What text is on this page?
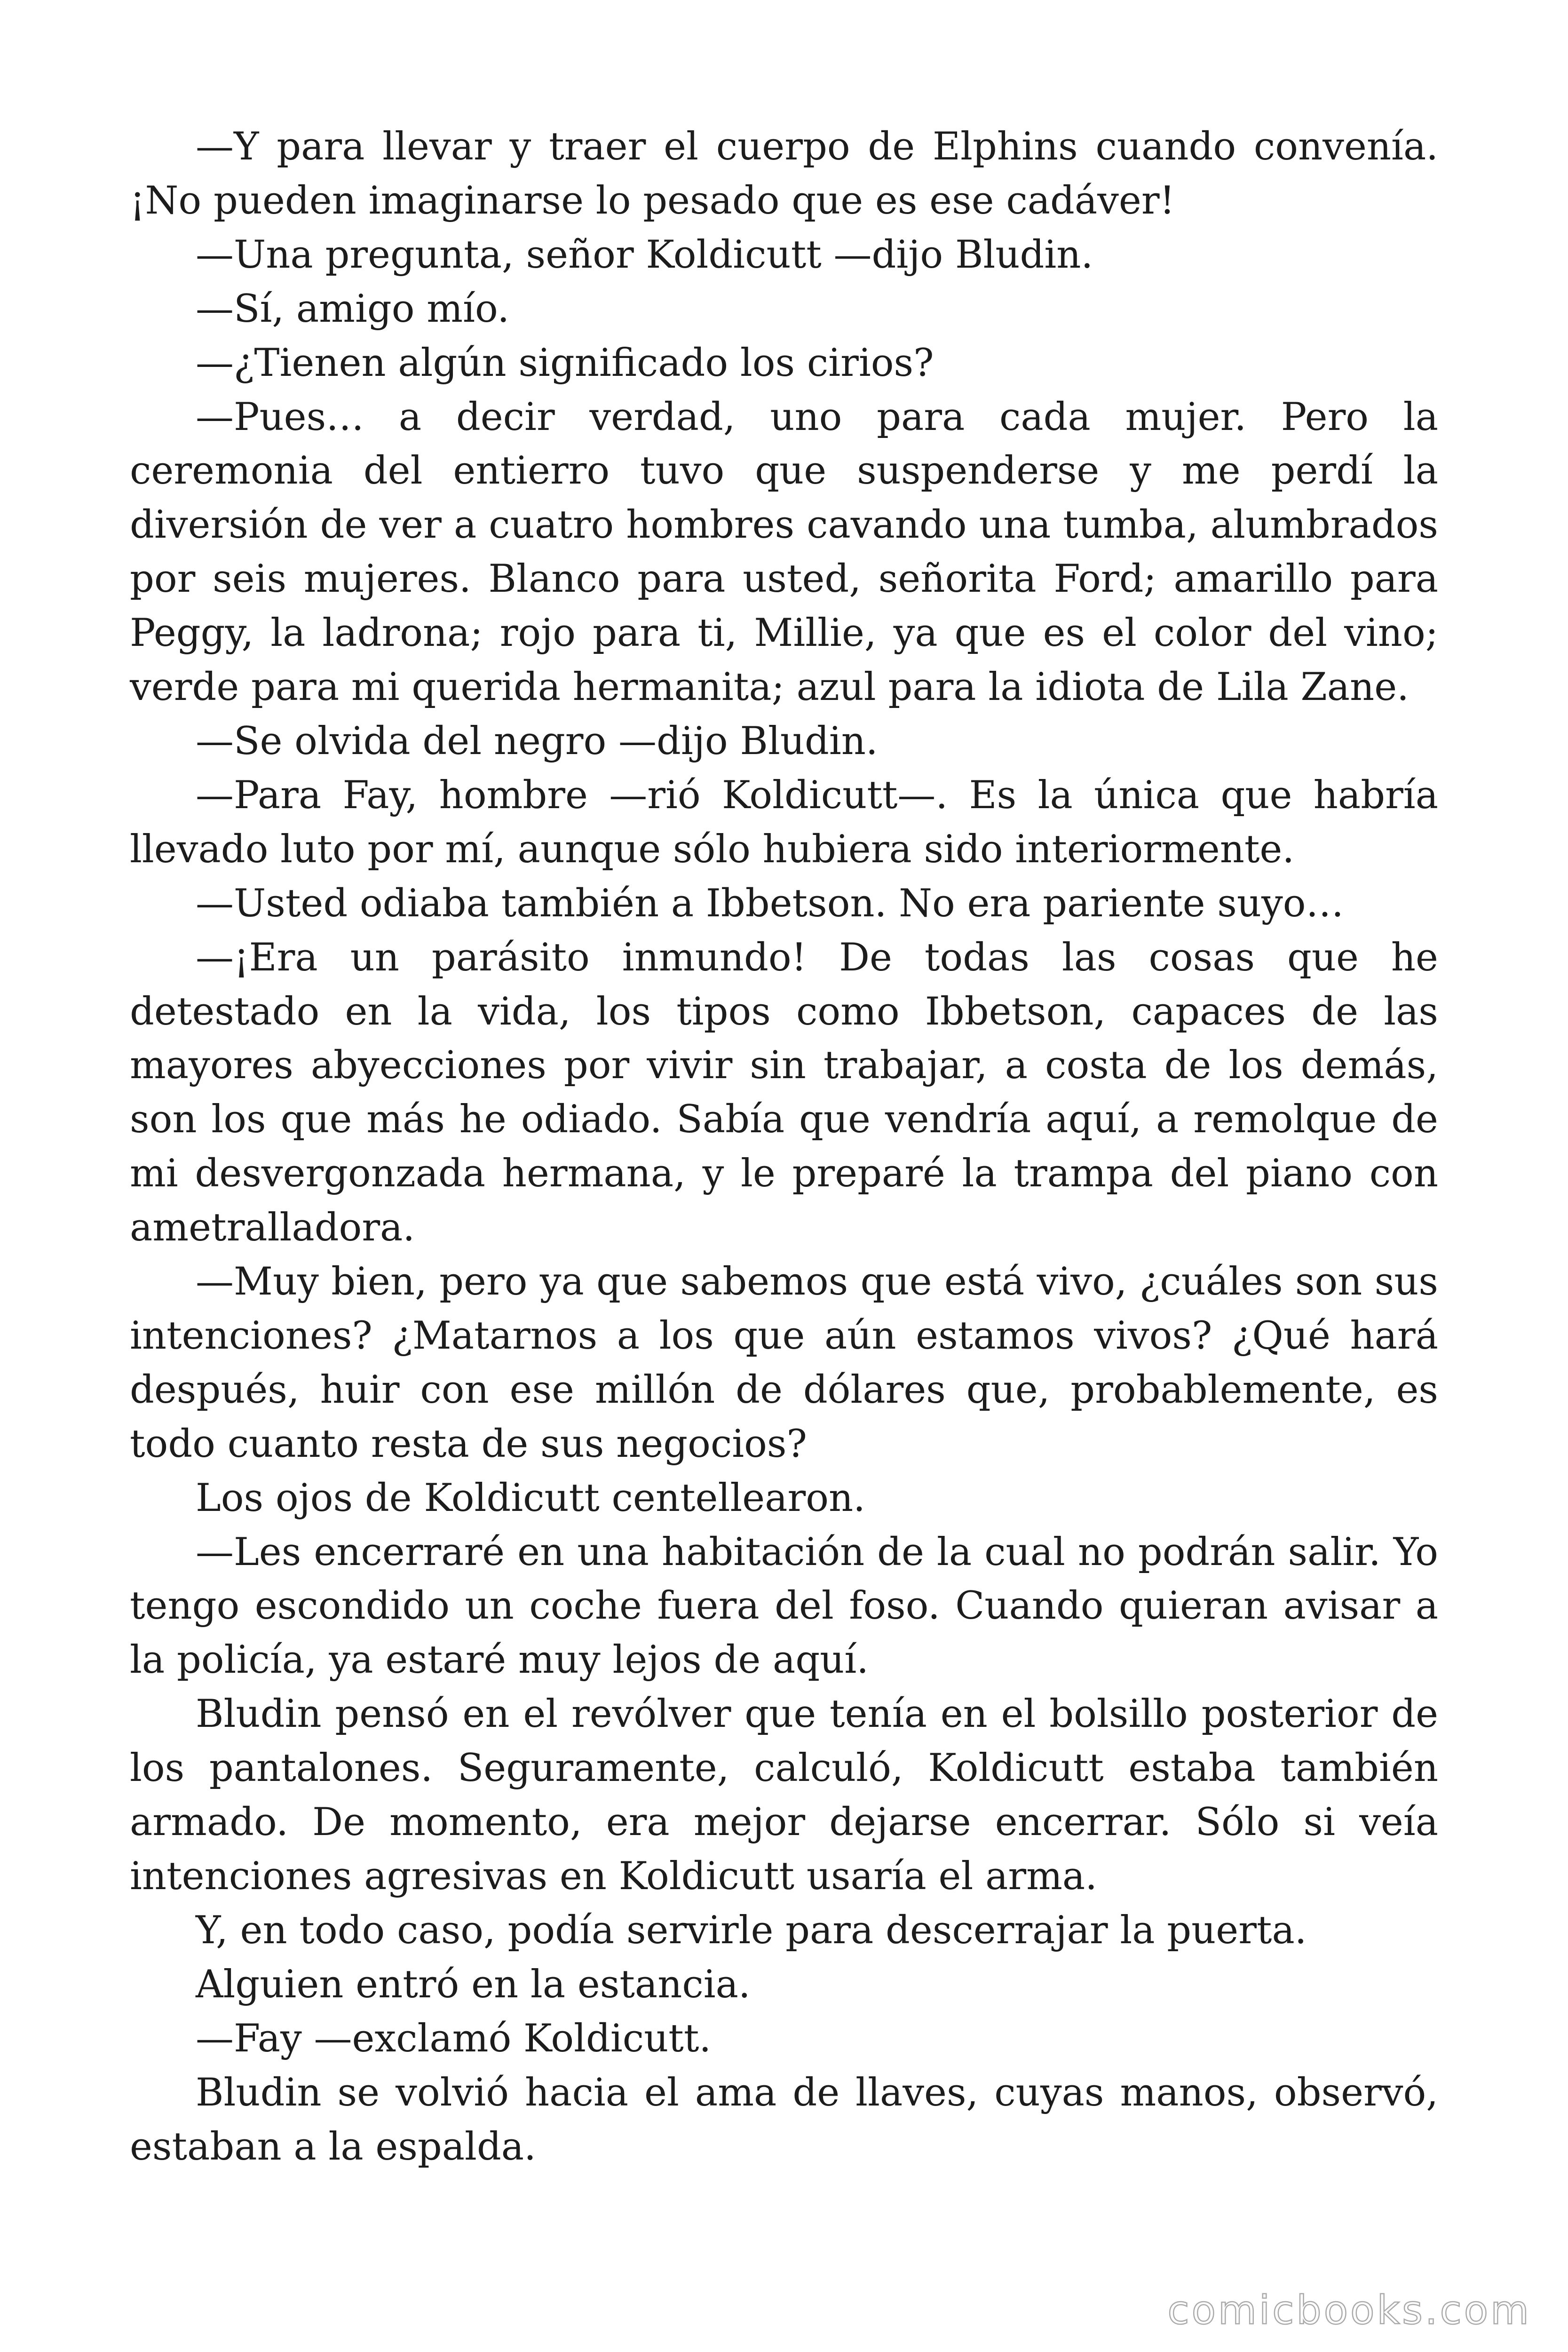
—Y para llevar y traer el cuerpo de Elphins cuando convenía. ¡No pueden imaginarse lo pesado que es ese cadáver!

—Una pregunta, señor Koldicutt —dijo Bludin.

—Sí, amigo mío.

—¿Tienen algún significado los cirios?

—Pues… a decir verdad, uno para cada mujer. Pero la ceremonia del entierro tuvo que suspenderse y me perdí la diversión de ver a cuatro hombres cavando una tumba, alumbrados por seis mujeres. Blanco para usted, señorita Ford; amarillo para Peggy, la ladrona; rojo para ti, Millie, ya que es el color del vino; verde para mi querida hermanita; azul para la idiota de Lila Zane.

—Se olvida del negro —dijo Bludin.

—Para Fay, hombre —rió Koldicutt—. Es la única que habría llevado luto por mí, aunque sólo hubiera sido interiormente.

—Usted odiaba también a Ibbetson. No era pariente suyo…

—¡Era un parásito inmundo! De todas las cosas que he detestado en la vida, los tipos como Ibbetson, capaces de las mayores abyecciones por vivir sin trabajar, a costa de los demás, son los que más he odiado. Sabía que vendría aquí, a remolque de mi desvergonzada hermana, y le preparé la trampa del piano con ametralladora.

—Muy bien, pero ya que sabemos que está vivo, ¿cuáles son sus intenciones? ¿Matarnos a los que aún estamos vivos? ¿Qué hará después, huir con ese millón de dólares que, probablemente, es todo cuanto resta de sus negocios?

Los ojos de Koldicutt centellearon.

—Les encerraré en una habitación de la cual no podrán salir. Yo tengo escondido un coche fuera del foso. Cuando quieran avisar a la policía, ya estaré muy lejos de aquí.

Bludin pensó en el revólver que tenía en el bolsillo posterior de los pantalones. Seguramente, calculó, Koldicutt estaba también armado. De momento, era mejor dejarse encerrar. Sólo si veía intenciones agresivas en Koldicutt usaría el arma.

Y, en todo caso, podía servirle para descerrajar la puerta.

Alguien entró en la estancia.

—Fay —exclamó Koldicutt.

Bludin se volvió hacia el ama de llaves, cuyas manos, observó, estaban a la espalda.

comicbooks.com
